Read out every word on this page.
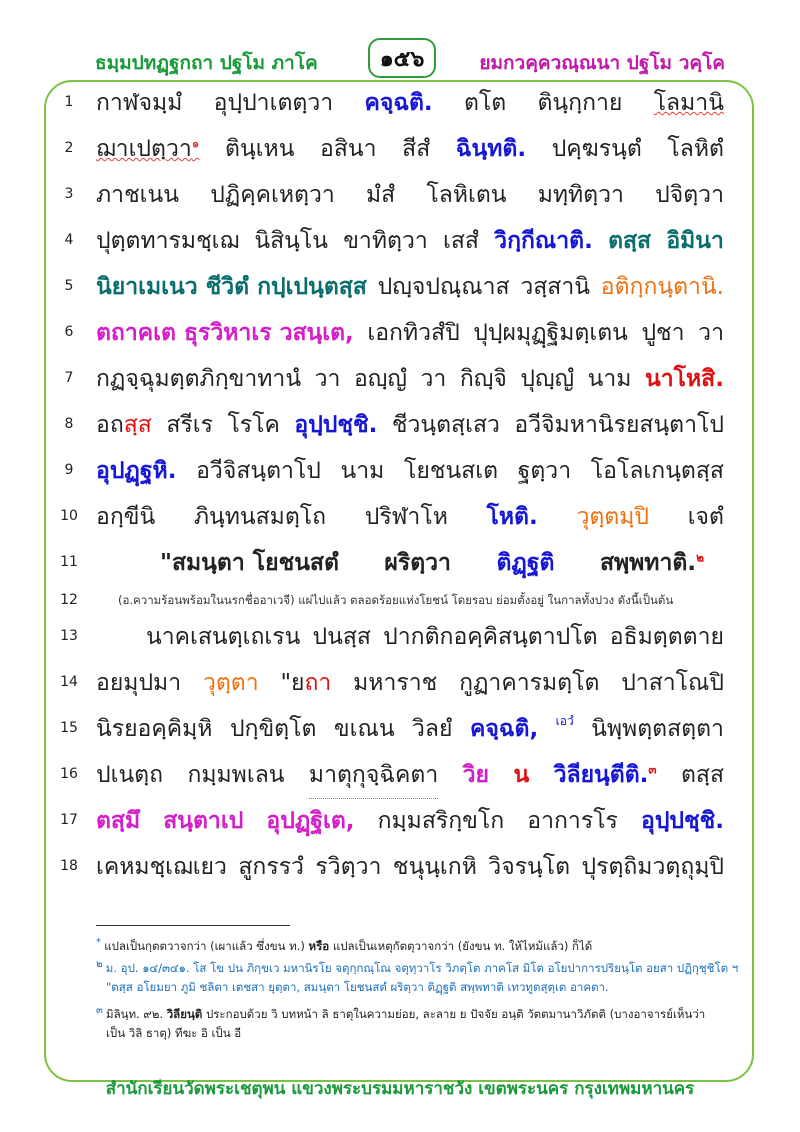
ธมฺมปทฏฺฐกถา ปฐโม ภาโค	๑๕๖	ยมกวคฺควณฺณนา ปฐโม วคฺโค
1 กาฬจมฺมํ อุปฺปาเตตฺวา คจฺฉติ. ตโต ตินฺกฺกาย โลมานิ
2 ฌาเปตฺวา$^๑$ ตินฺเหน อสินา สีสํ ฉินฺทติ. ปคฺฆรนฺตํ โลหิตํ
3 ภาชเนน ปฏิคฺคเหตฺวา มํสํ โลหิเตน มทฺทิตฺวา ปจิตฺวา
4 ปุตฺตทารมชฺเฌ นิสินฺโน ขาทิตฺวา เสสํ วิกฺกีณาติ. ตสฺส อิมินา
5 นิยาเมเนว ชีวิตํ กปฺเปนฺตสฺส ปญฺจปณฺณาส วสฺสานิ อติกฺกนฺตานิ.
6 ตถาคเต ธุรวิหาเร วสนฺเต, เอกทิวสํปิ ปุปฺผมุฏฺฐิมตฺเตน ปูชา วา
7 กฏจฺฉุมตฺตภิกฺขาทานํ วา อญฺญํ วา กิญฺจิ ปุญฺญํ นาม นาโหสิ.
8 อถสฺส สรีเร โรโค อุปฺปชฺชิ. ชีวนฺตสฺเสว อวีจิมหานิรยสนฺตาโป
9 อุปฏฺฐหิ. อวีจิสนฺตาโป นาม โยชนสเต ฐตฺวา โอโลเกนฺตสฺส
10 อกฺขีนิ ภินฺทนสมตฺโถ ปริฬาโห โหติ. วุตฺตมฺปิ เจตํ
11	"สมนฺตา โยชนสตํ ผริตฺวา ติฏฺฐติ สพฺพทาติ.$^๒$
13	นาคเสนตฺเถเรน ปนสฺส ปากติกอคฺคิสนฺตาปโต อธิมตฺตตาย
14 อยมุปมา วุตฺตา "ยถา มหาราช กูฏาคารมตฺโต ปาสาโณปิ
15 นิรยอคฺคิมฺหิ ปกฺขิตฺโต ขเณน วิลยํ คจฺฉติ, เอวํ นิพฺพตฺตสตฺตา
16 ปเนตฺถ กมฺมพเลน มาตุกุจฺฉิคตา วิย น วิลียนฺตีติ.$^๓$ ตสฺส
17 ตสฺมึ สนฺตาเป อุปฏฺฐิเต, กมฺมสริกฺขโก อาการโร อุปฺปชฺชิ.
18 เคหมชฺเฌเยว สูกรรวํ รวิตฺวา ชนุนฺเกหิ วิจรนฺโต ปุรตฺถิมวตฺถุมฺปิ
12	(อ.ความร้อนพร้อมในนรกชื่ออาเวจี) แผ่ไปแล้ว ตลอดร้อยแห่งโยชน์ โดยรอบ ย่อมตั้งอยู่ ในกาลทั้งปวง ดังนี้เป็นต้น
* แปลเป็นกฺตตวาจกว่า (เผาแล้ว ซึ่งขน ท.) หรือ แปลเป็นเหตุกัตตุวาจกว่า (ยังขน ท. ให้ไหม้แล้ว) ก็ได้
๒ ม. อุป. ๑๔/๓๔๑. โส โข ปน ภิกฺขเว มหานิรโย จตุกฺกณฺโณ จตุทฺวาโร วิภตฺโต ภาคโส มิโต อโยปาการปริยนฺโต อยสา ปฏิกุชฺชิโต ฯ
"ตสฺส อโยมยา ภูมิ ชลิตา เตชสา ยุตฺตา, สมนฺตา โยชนสตํ ผริตฺวา ติฏฺฐติ สพฺพทาติ เทวทูตสุตฺเต อาคตา.
๓ มิลินฺท. ๙๒. วิลียนฺติ ประกอบด้วย วิ บทหน้า ลิ ธาตุในความย่อย, ละลาย ย ปัจจัย อนฺติ วัตตมานาวิภัตติ (บางอาจารย์เห็นว่า
เป็น วิลิ ธาตุ) ทีฆะ อิ เป็น อี
สำนักเรียนวัดพระเชตุพน แขวงพระบรมมหาราชวัง เขตพระนคร กรุงเทพมหานคร
